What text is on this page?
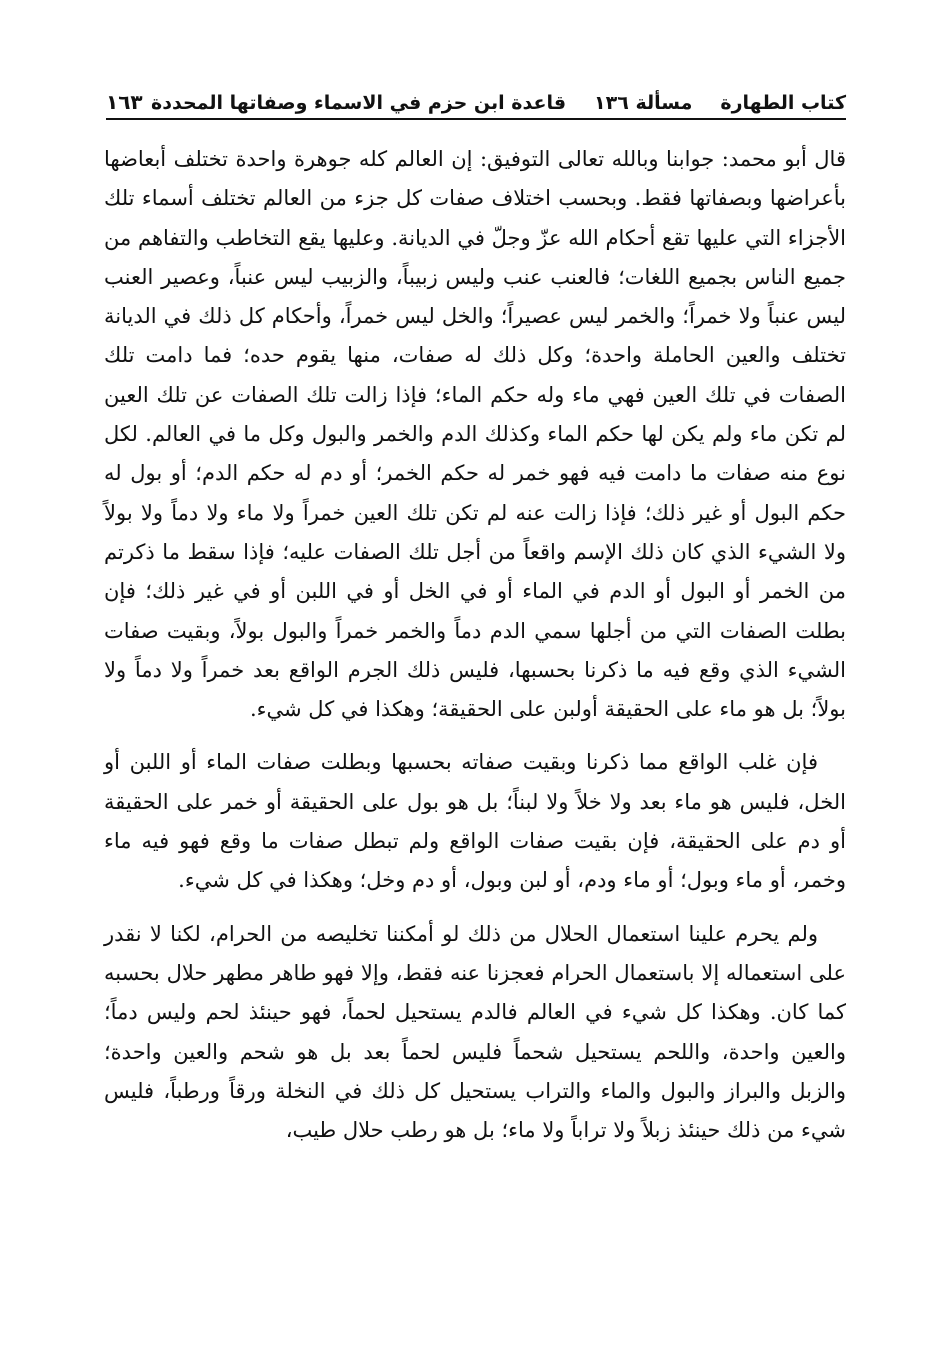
كتاب الطهارة
مسألة ١٣٦
قاعدة ابن حزم في الاسماء وصفاتها المحددة
١٦٣

قال أبو محمد: جوابنا وبالله تعالى التوفيق: إن العالم كله جوهرة واحدة تختلف أبعاضها بأعراضها وبصفاتها فقط. وبحسب اختلاف صفات كل جزء من العالم تختلف أسماء تلك الأجزاء التي عليها تقع أحكام الله عزّ وجلّ في الديانة. وعليها يقع التخاطب والتفاهم من جميع الناس بجميع اللغات؛ فالعنب عنب وليس زبيباً، والزبيب ليس عنباً، وعصير العنب ليس عنباً ولا خمراً؛ والخمر ليس عصيراً؛ والخل ليس خمراً، وأحكام كل ذلك في الديانة تختلف والعين الحاملة واحدة؛ وكل ذلك له صفات، منها يقوم حده؛ فما دامت تلك الصفات في تلك العين فهي ماء وله حكم الماء؛ فإذا زالت تلك الصفات عن تلك العين لم تكن ماء ولم يكن لها حكم الماء وكذلك الدم والخمر والبول وكل ما في العالم. لكل نوع منه صفات ما دامت فيه فهو خمر له حكم الخمر؛ أو دم له حكم الدم؛ أو بول له حكم البول أو غير ذلك؛ فإذا زالت عنه لم تكن تلك العين خمراً ولا ماء ولا دماً ولا بولاً ولا الشيء الذي كان ذلك الإسم واقعاً من أجل تلك الصفات عليه؛ فإذا سقط ما ذكرتم من الخمر أو البول أو الدم في الماء أو في الخل أو في اللبن أو في غير ذلك؛ فإن بطلت الصفات التي من أجلها سمي الدم دماً والخمر خمراً والبول بولاً، وبقيت صفات الشيء الذي وقع فيه ما ذكرنا بحسبها، فليس ذلك الجرم الواقع بعد خمراً ولا دماً ولا بولاً؛ بل هو ماء على الحقيقة أولبن على الحقيقة؛ وهكذا في كل شيء.

فإن غلب الواقع مما ذكرنا وبقيت صفاته بحسبها وبطلت صفات الماء أو اللبن أو الخل، فليس هو ماء بعد ولا خلاً ولا لبناً؛ بل هو بول على الحقيقة أو خمر على الحقيقة أو دم على الحقيقة، فإن بقيت صفات الواقع ولم تبطل صفات ما وقع فهو فيه ماء وخمر، أو ماء وبول؛ أو ماء ودم، أو لبن وبول، أو دم وخل؛ وهكذا في كل شيء.

ولم يحرم علينا استعمال الحلال من ذلك لو أمكننا تخليصه من الحرام، لكنا لا نقدر على استعماله إلا باستعمال الحرام فعجزنا عنه فقط، وإلا فهو طاهر مطهر حلال بحسبه كما كان. وهكذا كل شيء في العالم فالدم يستحيل لحماً، فهو حينئذ لحم وليس دماً؛ والعين واحدة، واللحم يستحيل شحماً فليس لحماً بعد بل هو شحم والعين واحدة؛ والزبل والبراز والبول والماء والتراب يستحيل كل ذلك في النخلة ورقاً ورطباً، فليس شيء من ذلك حينئذ زبلاً ولا تراباً ولا ماء؛ بل هو رطب حلال طيب،
